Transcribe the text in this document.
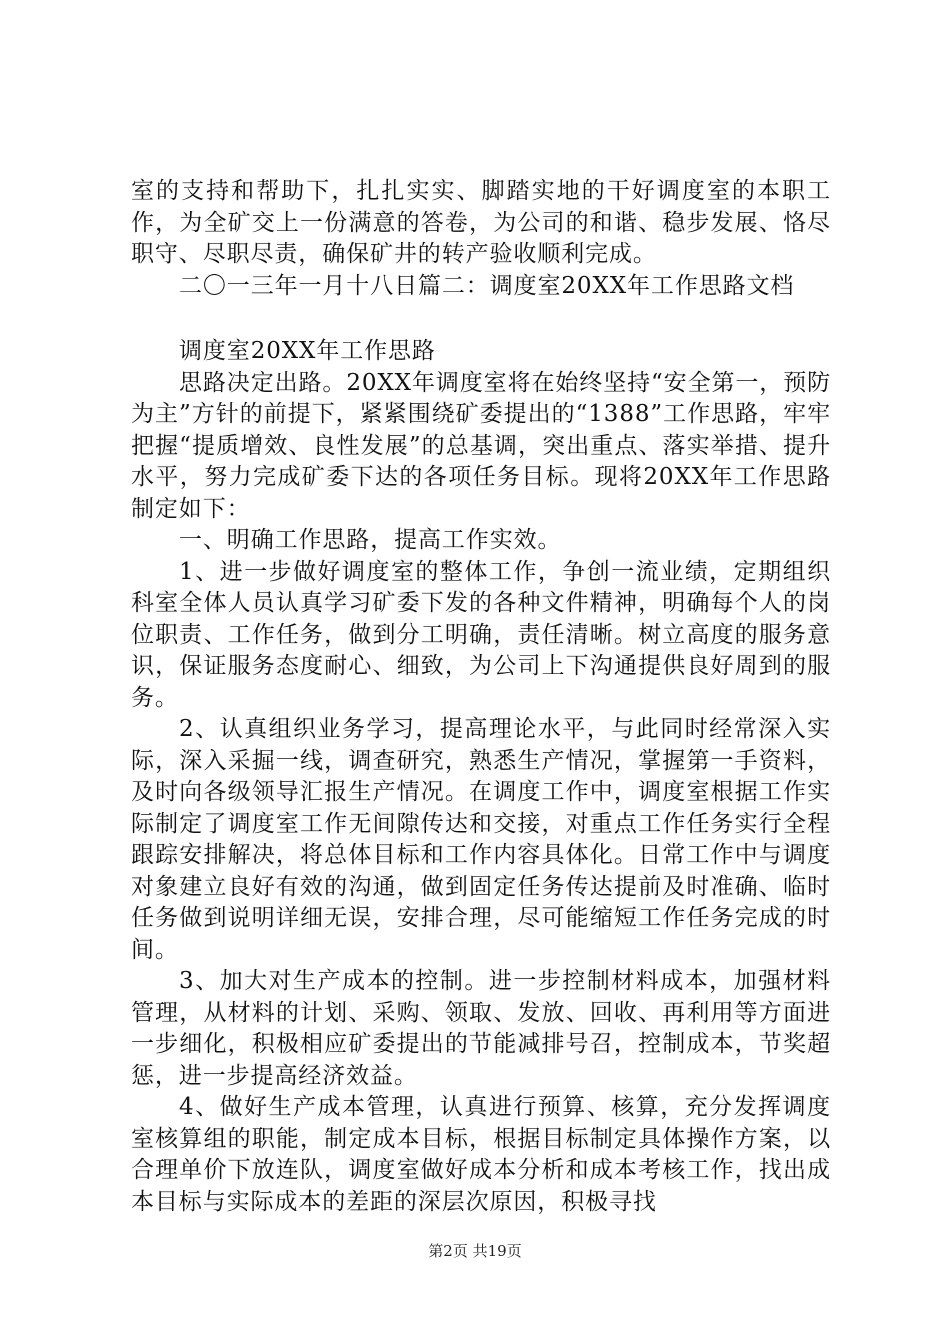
室的支持和帮助下，扎扎实实、脚踏实地的干好调度室的本职工作，为全矿交上一份满意的答卷，为公司的和谐、稳步发展、恪尽职守、尽职尽责，确保矿井的转产验收顺利完成。

二〇一三年一月十八日篇二：调度室20XX年工作思路文档

调度室20XX年工作思路

思路决定出路。20XX年调度室将在始终坚持“安全第一，预防为主”方针的前提下，紧紧围绕矿委提出的“1388”工作思路，牢牢把握“提质增效、良性发展”的总基调，突出重点、落实举措、提升水平，努力完成矿委下达的各项任务目标。现将20XX年工作思路制定如下：

一、明确工作思路，提高工作实效。

1、进一步做好调度室的整体工作，争创一流业绩，定期组织科室全体人员认真学习矿委下发的各种文件精神，明确每个人的岗位职责、工作任务，做到分工明确，责任清晰。树立高度的服务意识，保证服务态度耐心、细致，为公司上下沟通提供良好周到的服务。

2、认真组织业务学习，提高理论水平，与此同时经常深入实际，深入采掘一线，调查研究，熟悉生产情况，掌握第一手资料，及时向各级领导汇报生产情况。在调度工作中，调度室根据工作实际制定了调度室工作无间隙传达和交接，对重点工作任务实行全程跟踪安排解决，将总体目标和工作内容具体化。日常工作中与调度对象建立良好有效的沟通，做到固定任务传达提前及时准确、临时任务做到说明详细无误，安排合理，尽可能缩短工作任务完成的时间。

3、加大对生产成本的控制。进一步控制材料成本，加强材料管理，从材料的计划、采购、领取、发放、回收、再利用等方面进一步细化，积极相应矿委提出的节能减排号召，控制成本，节奖超惩，进一步提高经济效益。

4、做好生产成本管理，认真进行预算、核算，充分发挥调度室核算组的职能，制定成本目标，根据目标制定具体操作方案，以合理单价下放连队，调度室做好成本分析和成本考核工作，找出成本目标与实际成本的差距的深层次原因，积极寻找

第2页 共19页
